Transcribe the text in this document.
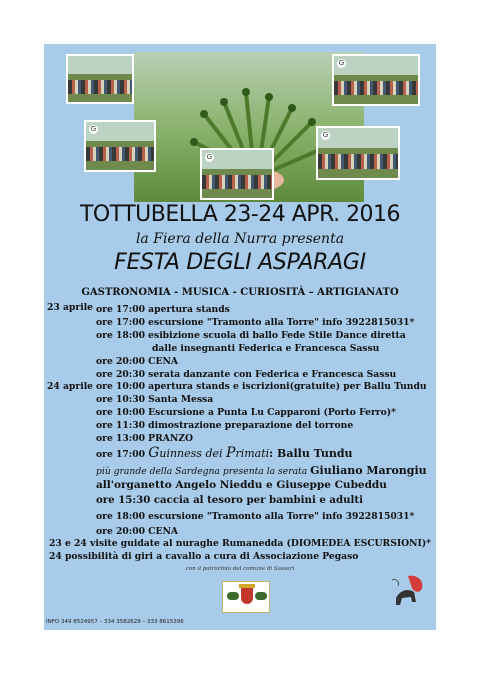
G
G
G
G
TOTTUBELLA 23-24 APR. 2016
la Fiera della Nurra presenta
FESTA DEGLI ASPARAGI
GASTRONOMIA - MUSICA - CURIOSITÀ – ARTIGIANATO
23 aprile ore 17:00 apertura stands
ore 17:00 escursione "Tramonto alla Torre" info 3922815031*
ore 18:00 esibizione scuola di ballo Fede Stile Dance diretta
dalle insegnanti Federica e Francesca Sassu
ore 20:00 CENA
ore 20:30 serata danzante con Federica e Francesca Sassu
24 aprile ore 10:00 apertura stands e iscrizioni(gratuite) per Ballu Tundu
ore 10:30 Santa Messa
ore 10:00 Escursione a Punta Lu Capparoni (Porto Ferro)*
ore 11:30 dimostrazione preparazione del torrone
ore 13:00 PRANZO
ore 17:00 Guinness dei Primati: Ballu Tundu
più grande della Sardegna presenta la serata Giuliano Marongiu
all'organetto Angelo Nieddu e Giuseppe Cubeddu
ore 15:30 caccia al tesoro per bambini e adulti
ore 18:00 escursione "Tramonto alla Torre" info 3922815031*
ore 20:00 CENA
23 e 24 visite guidate al nuraghe Rumanedda (DIOMEDEA ESCURSIONI)*
24 possibilità di giri a cavallo a cura di Associazione Pegaso
con il patrocinio del comune di Sassari
INFO 349 8524957 – 334 3582629 – 333 8615396
